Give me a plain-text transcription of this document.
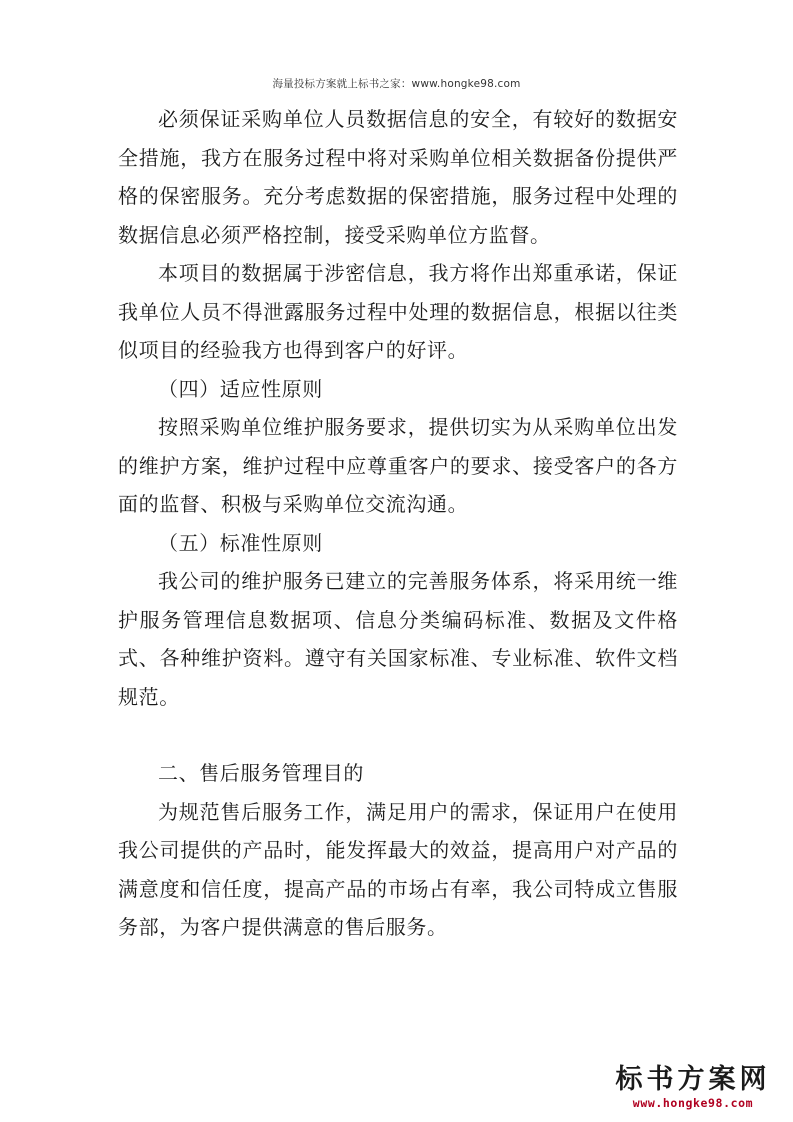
海量投标方案就上标书之家：www.hongke98.com

必须保证采购单位人员数据信息的安全，有较好的数据安全措施，我方在服务过程中将对采购单位相关数据备份提供严格的保密服务。充分考虑数据的保密措施，服务过程中处理的数据信息必须严格控制，接受采购单位方监督。

本项目的数据属于涉密信息，我方将作出郑重承诺，保证我单位人员不得泄露服务过程中处理的数据信息，根据以往类似项目的经验我方也得到客户的好评。

（四）适应性原则

按照采购单位维护服务要求，提供切实为从采购单位出发的维护方案，维护过程中应尊重客户的要求、接受客户的各方面的监督、积极与采购单位交流沟通。

（五）标准性原则

我公司的维护服务已建立的完善服务体系，将采用统一维护服务管理信息数据项、信息分类编码标准、数据及文件格式、各种维护资料。遵守有关国家标准、专业标准、软件文档规范。

二、售后服务管理目的

为规范售后服务工作，满足用户的需求，保证用户在使用我公司提供的产品时，能发挥最大的效益，提高用户对产品的满意度和信任度，提高产品的市场占有率，我公司特成立售服务部，为客户提供满意的售后服务。

标书方案网
www.hongke98.com
